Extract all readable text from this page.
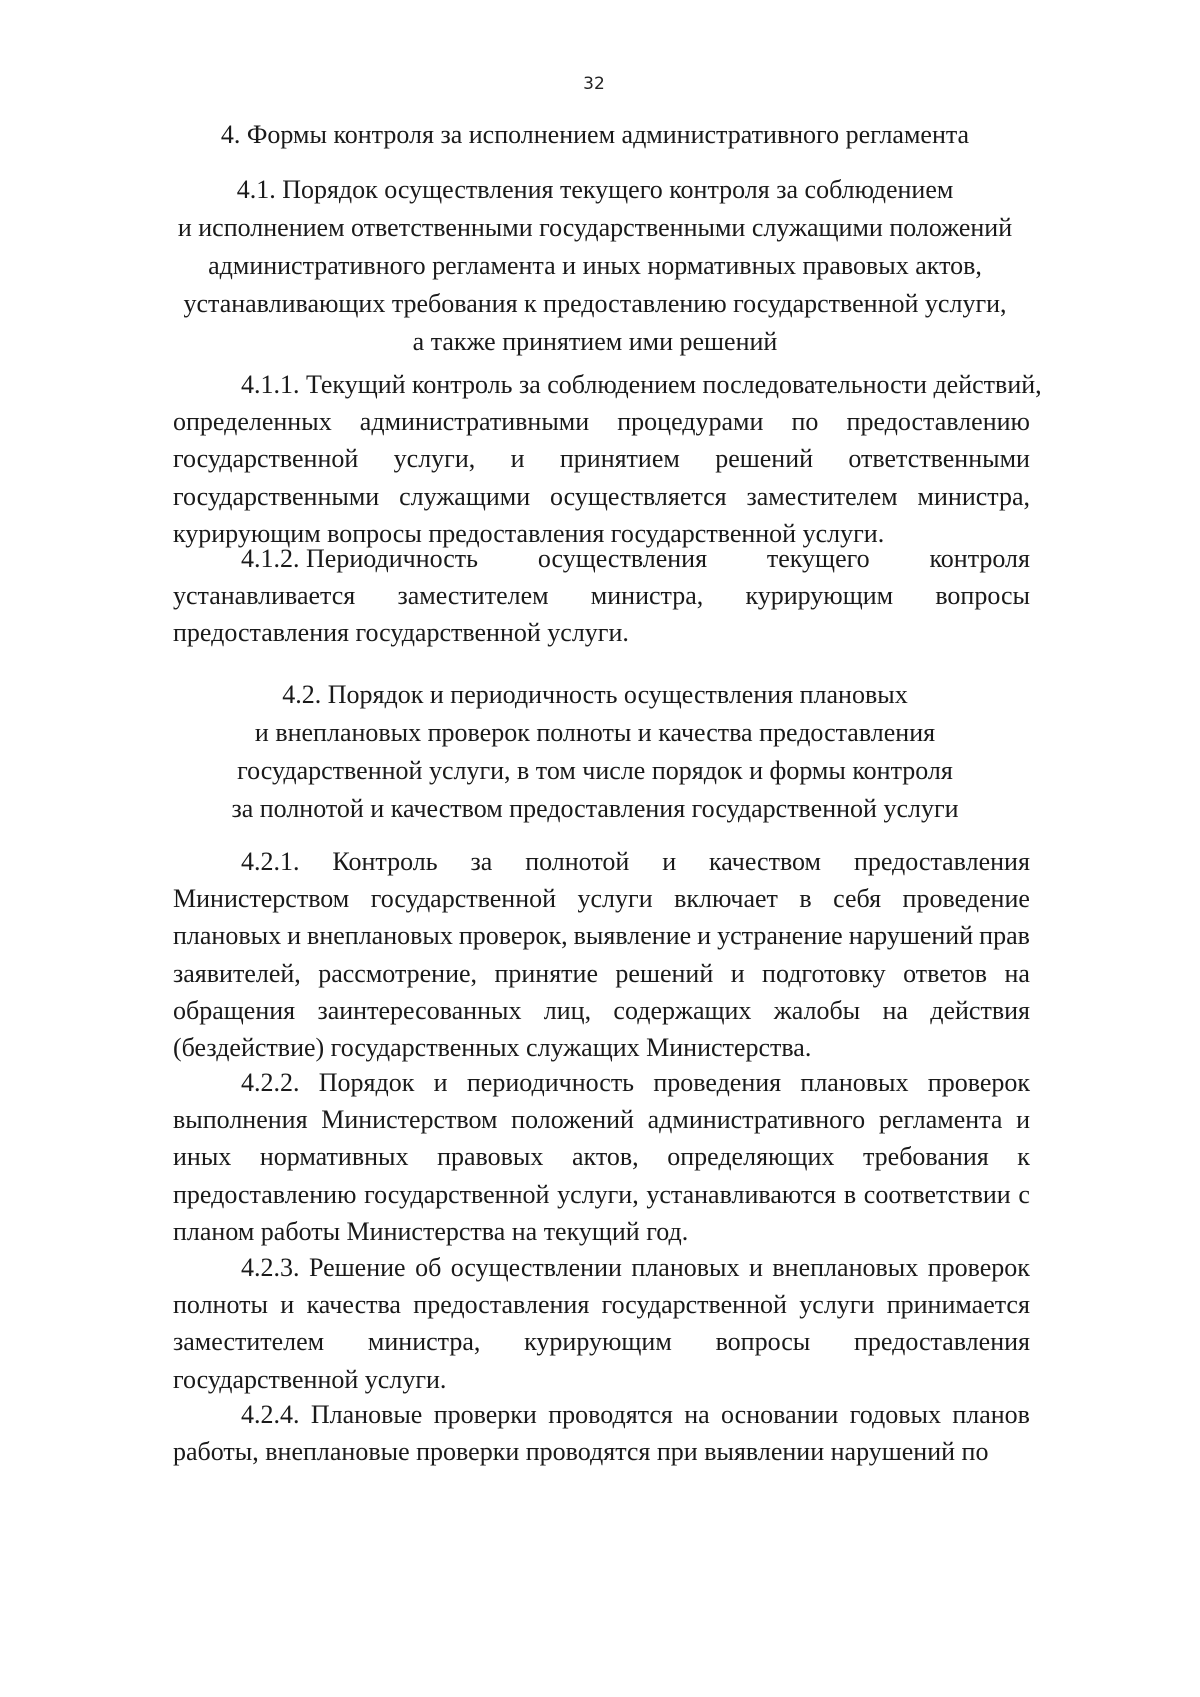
32
4. Формы контроля за исполнением административного регламента
4.1. Порядок осуществления текущего контроля за соблюдением
и исполнением ответственными государственными служащими положений
административного регламента и иных нормативных правовых актов,
устанавливающих требования к предоставлению государственной услуги,
а также принятием ими решений
4.1.1. Текущий контроль за соблюдением последовательности действий,
определенных административными процедурами по предоставлению
государственной услуги, и принятием решений ответственными
государственными служащими осуществляется заместителем министра,
курирующим вопросы предоставления государственной услуги.
4.1.2. Периодичность осуществления текущего контроля
устанавливается заместителем министра, курирующим вопросы
предоставления государственной услуги.
4.2. Порядок и периодичность осуществления плановых
и внеплановых проверок полноты и качества предоставления
государственной услуги, в том числе порядок и формы контроля
за полнотой и качеством предоставления государственной услуги
4.2.1. Контроль за полнотой и качеством предоставления
Министерством государственной услуги включает в себя проведение
плановых и внеплановых проверок, выявление и устранение нарушений прав
заявителей, рассмотрение, принятие решений и подготовку ответов на
обращения заинтересованных лиц, содержащих жалобы на действия
(бездействие) государственных служащих Министерства.
4.2.2. Порядок и периодичность проведения плановых проверок
выполнения Министерством положений административного регламента и
иных нормативных правовых актов, определяющих требования к
предоставлению государственной услуги, устанавливаются в соответствии с
планом работы Министерства на текущий год.
4.2.3. Решение об осуществлении плановых и внеплановых проверок
полноты и качества предоставления государственной услуги принимается
заместителем министра, курирующим вопросы предоставления
государственной услуги.
4.2.4. Плановые проверки проводятся на основании годовых планов
работы, внеплановые проверки проводятся при выявлении нарушений по
